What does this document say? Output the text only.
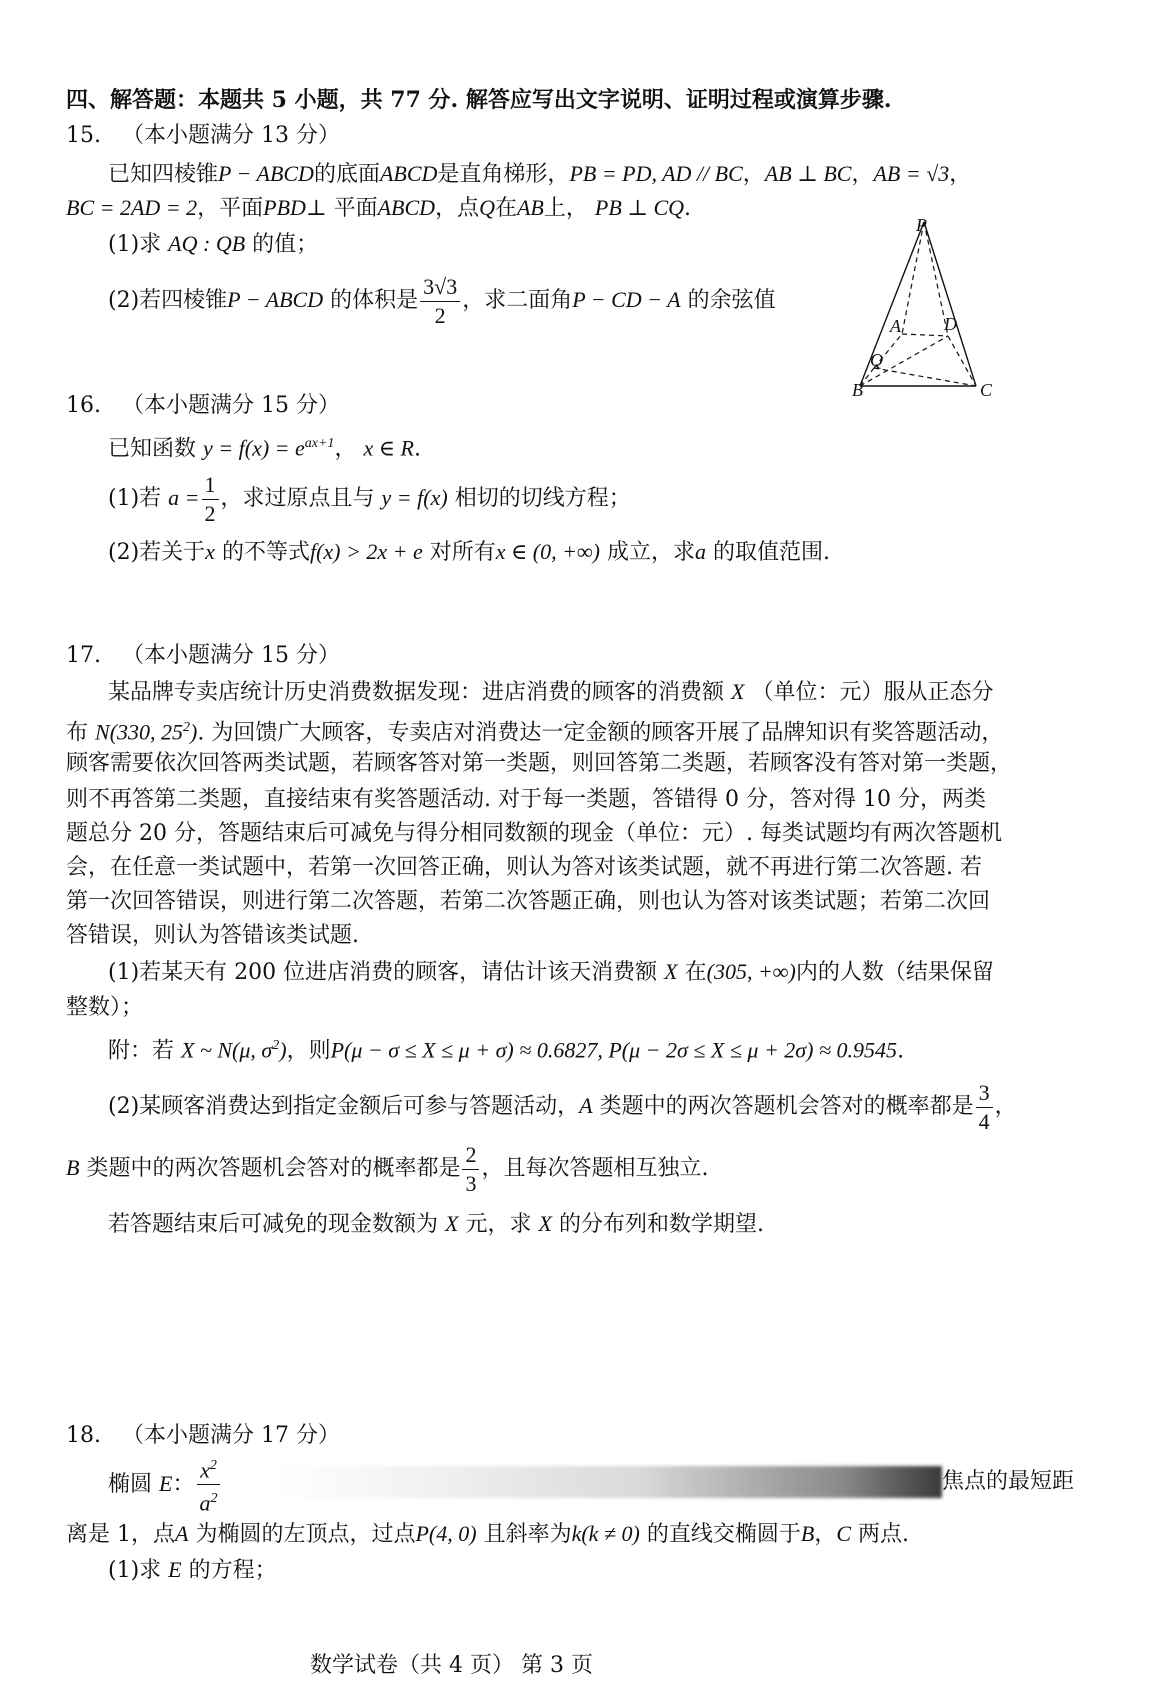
四、解答题：本题共 5 小题，共 77 分. 解答应写出文字说明、证明过程或演算步骤.
15. （本小题满分 13 分）
已知四棱锥P − ABCD的底面ABCD是直角梯形，PB = PD, AD // BC，AB ⊥ BC，AB = √3，
BC = 2AD = 2，平面PBD⊥ 平面ABCD，点Q在AB上， PB ⊥ CQ.
(1)求 AQ : QB 的值；
(2)若四棱锥P − ABCD 的体积是 $\frac{3√3}{2}$ ，求二面角P − CD − A 的余弦值
P
A D
Q
B	C
16. （本小题满分 15 分）
已知函数 $y = f(x) = e^{ax+1}$， x ∈ R.
(1)若 $a = \frac{1}{2}$ ，求过原点且与 y = f(x) 相切的切线方程；
(2)若关于x 的不等式f(x) > 2x + e 对所有x ∈ (0, +∞) 成立，求a 的取值范围.
17. （本小题满分 15 分）
某品牌专卖店统计历史消费数据发现：进店消费的顾客的消费额 X （单位：元）服从正态分
布 N(330, $25^2$). 为回馈广大顾客，专卖店对消费达一定金额的顾客开展了品牌知识有奖答题活动，
顾客需要依次回答两类试题，若顾客答对第一类题，则回答第二类题，若顾客没有答对第一类题，
则不再答第二类题，直接结束有奖答题活动. 对于每一类题，答错得 0 分，答对得 10 分，两类
题总分 20 分，答题结束后可减免与得分相同数额的现金（单位：元）. 每类试题均有两次答题机
会，在任意一类试题中，若第一次回答正确，则认为答对该类试题，就不再进行第二次答题. 若
第一次回答错误，则进行第二次答题，若第二次答题正确，则也认为答对该类试题；若第二次回
答错误，则认为答错该类试题.
(1)若某天有 200 位进店消费的顾客，请估计该天消费额 X 在(305, +∞)内的人数（结果保留
整数）；
附：若 X ~ N(μ, $\sigma^2$)，则P(μ − σ ≤ X ≤ μ + σ) ≈ 0.6827, P(μ − 2σ ≤ X ≤ μ + 2σ) ≈ 0.9545.
(2)某顾客消费达到指定金额后可参与答题活动，A 类题中的两次答题机会答对的概率都是 $\frac{3}{4}$ ，
B 类题中的两次答题机会答对的概率都是 $\frac{2}{3}$ ，且每次答题相互独立.
若答题结束后可减免的现金数额为 X 元，求 X 的分布列和数学期望.
18. （本小题满分 17 分）
椭圆 E： $\frac{x^2}{a^2}$	焦点的最短距
离是 1，点A 为椭圆的左顶点，过点P(4, 0) 且斜率为k(k ≠ 0) 的直线交椭圆于B，C 两点.
(1)求 E 的方程；
数学试卷（共 4 页） 第 3 页
